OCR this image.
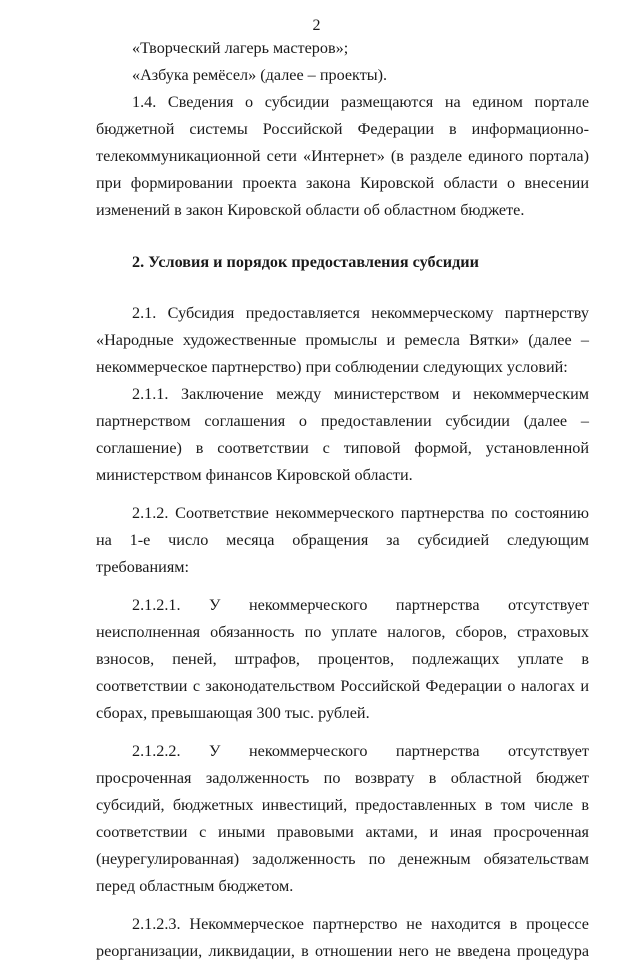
2

«Творческий лагерь мастеров»;

«Азбука ремёсел» (далее – проекты).

1.4. Сведения о субсидии размещаются на едином портале бюджетной системы Российской Федерации в информационно-телекоммуникационной сети «Интернет» (в разделе единого портала) при формировании проекта закона Кировской области о внесении изменений в закон Кировской области об областном бюджете.

2. Условия и порядок предоставления субсидии

2.1. Субсидия предоставляется некоммерческому партнерству «Народные художественные промыслы и ремесла Вятки» (далее – некоммерческое партнерство) при соблюдении следующих условий:

2.1.1. Заключение между министерством и некоммерческим партнерством соглашения о предоставлении субсидии (далее – соглашение) в соответствии с типовой формой, установленной министерством финансов Кировской области.

2.1.2. Соответствие некоммерческого партнерства по состоянию на 1-е число месяца обращения за субсидией следующим требованиям:

2.1.2.1. У некоммерческого партнерства отсутствует неисполненная обязанность по уплате налогов, сборов, страховых взносов, пеней, штрафов, процентов, подлежащих уплате в соответствии с законодательством Российской Федерации о налогах и сборах, превышающая 300 тыс. рублей.

2.1.2.2. У некоммерческого партнерства отсутствует просроченная задолженность по возврату в областной бюджет субсидий, бюджетных инвестиций, предоставленных в том числе в соответствии с иными правовыми актами, и иная просроченная (неурегулированная) задолженность по денежным обязательствам перед областным бюджетом.

2.1.2.3. Некоммерческое партнерство не находится в процессе реорганизации, ликвидации, в отношении него не введена процедура
